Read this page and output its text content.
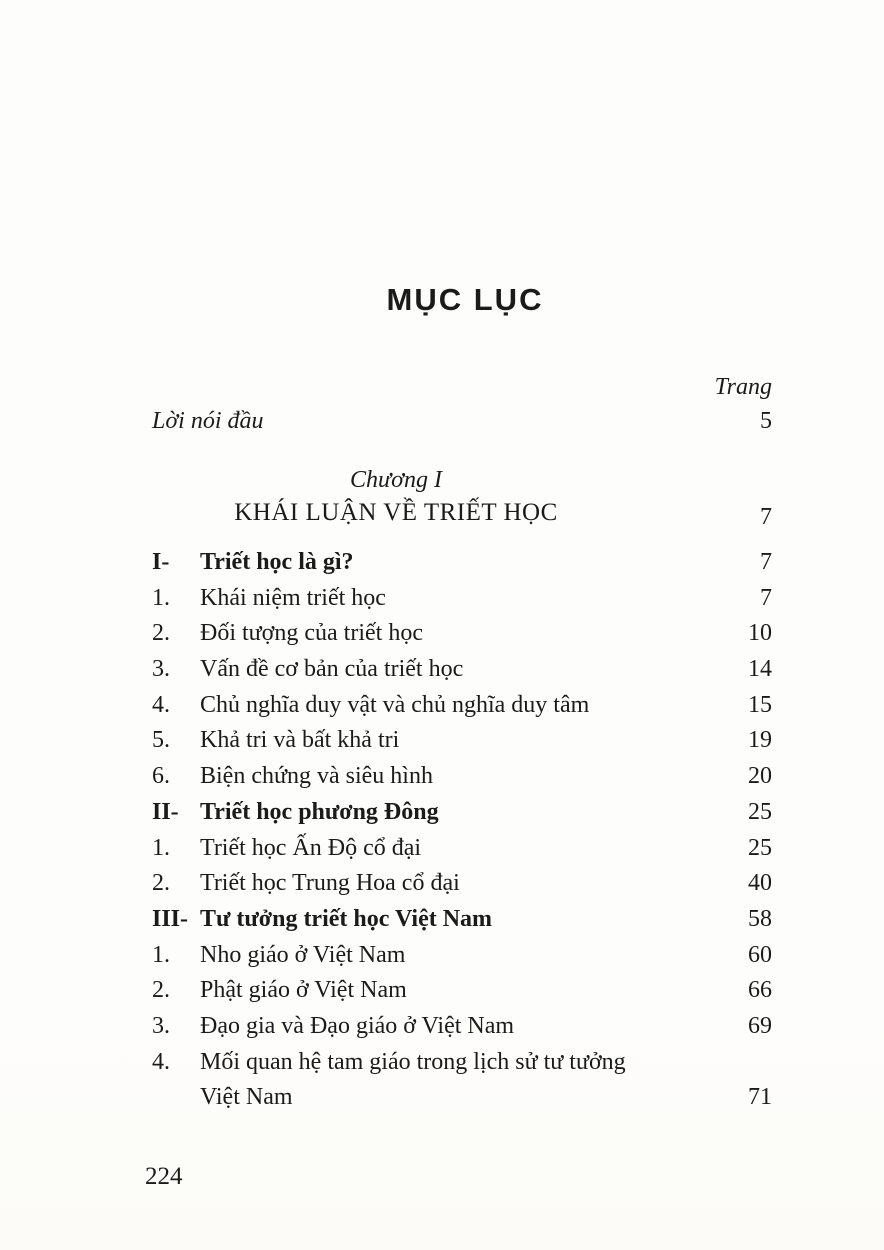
MỤC LỤC
Trang
Lời nói đầu	5
Chương I
KHÁI LUẬN VỀ TRIẾT HỌC	7
I-	Triết học là gì?	7
1.	Khái niệm triết học	7
2.	Đối tượng của triết học	10
3.	Vấn đề cơ bản của triết học	14
4.	Chủ nghĩa duy vật và chủ nghĩa duy tâm	15
5.	Khả tri và bất khả tri	19
6.	Biện chứng và siêu hình	20
II- Triết học phương Đông	25
1.	Triết học Ấn Độ cổ đại	25
2.	Triết học Trung Hoa cổ đại	40
III- Tư tưởng triết học Việt Nam	58
1.	Nho giáo ở Việt Nam	60
2.	Phật giáo ở Việt Nam	66
3.	Đạo gia và Đạo giáo ở Việt Nam	69
4.	Mối quan hệ tam giáo trong lịch sử tư tưởng
Việt Nam	71
224
